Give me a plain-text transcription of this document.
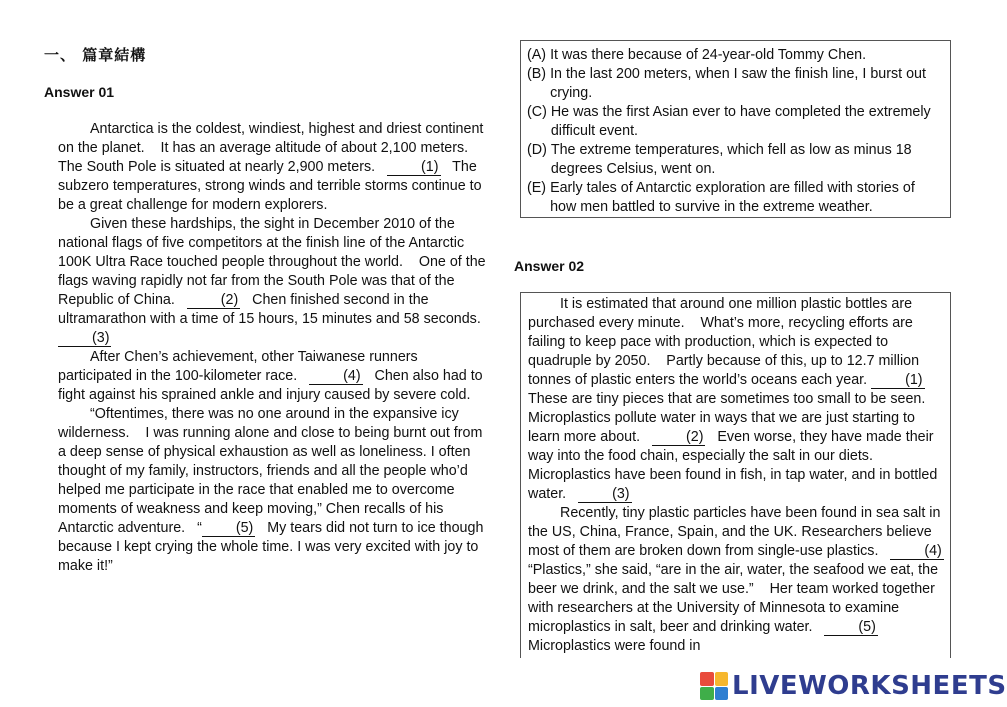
一、 篇章結構
Answer 01

Antarctica is the coldest, windiest, highest and driest continent on the planet.    It has an average altitude of about 2,100 meters.    The South Pole is situated at nearly 2,900 meters.   (1)   The subzero temperatures, strong winds and terrible storms continue to be a great challenge for modern explorers.

Given these hardships, the sight in December 2010 of the national flags of five competitors at the finish line of the Antarctic 100K Ultra Race touched people throughout the world.    One of the flags waving rapidly not far from the South Pole was that of the Republic of China.   (2)   Chen finished second in the ultramarathon with a time of 15 hours, 15 minutes and 58 seconds.   (3)

After Chen’s achievement, other Taiwanese runners participated in the 100-kilometer race.   (4)   Chen also had to fight against his sprained ankle and injury caused by severe cold.

“Oftentimes, there was no one around in the expansive icy wilderness.    I was running alone and close to being burnt out from a deep sense of physical exhaustion as well as loneliness. I often thought of my family, instructors, friends and all the people who’d helped me participate in the race that enabled me to overcome moments of weakness and keep moving,” Chen recalls of his Antarctic adventure.   “ (5)   My tears did not turn to ice though because I kept crying the whole time. I was very excited with joy to make it!”

(A) It was there because of 24-year-old Tommy Chen.
(B) In the last 200 meters, when I saw the finish line, I burst out crying.
(C) He was the first Asian ever to have completed the extremely difficult event.
(D) The extreme temperatures, which fell as low as minus 18 degrees Celsius, went on.
(E) Early tales of Antarctic exploration are filled with stories of how men battled to survive in the extreme weather.
Answer 02

It is estimated that around one million plastic bottles are purchased every minute.    What’s more, recycling efforts are failing to keep pace with production, which is expected to quadruple by 2050.    Partly because of this, up to 12.7 million tonnes of plastic enters the world’s oceans each year. (1)   These are tiny pieces that are sometimes too small to be seen.    Microplastics pollute water in ways that we are just starting to learn more about.   (2)   Even worse, they have made their way into the food chain, especially the salt in our diets.    Microplastics have been found in fish, in tap water, and in bottled water.   (3)

Recently, tiny plastic particles have been found in sea salt in the US, China, France, Spain, and the UK. Researchers believe most of them are broken down from single-use plastics.   (4)   “Plastics,” she said, “are in the air, water, the seafood we eat, the beer we drink, and the salt we use.”    Her team worked together with researchers at the University of Minnesota to examine microplastics in salt, beer and drinking water.   (5)   Microplastics were found in

LIVEWORKSHEETS
